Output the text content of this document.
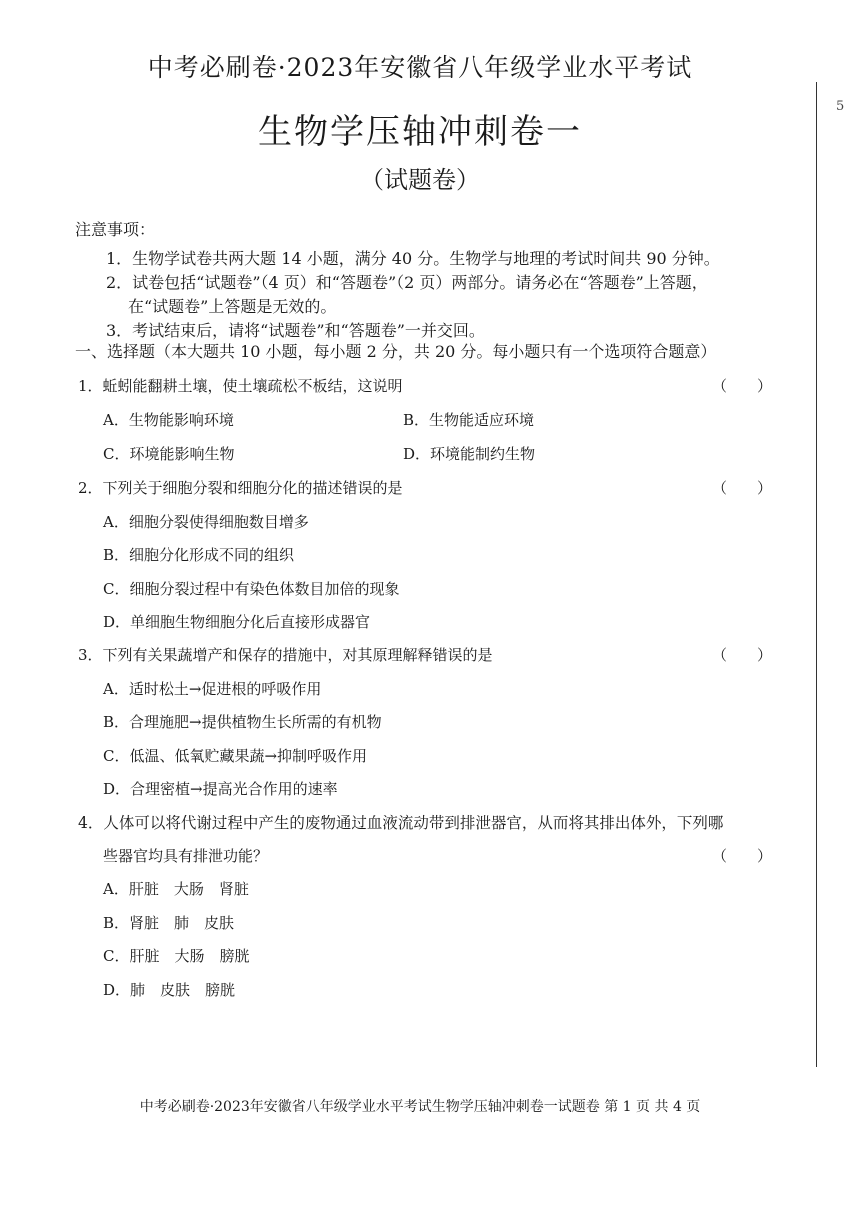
中考必刷卷·2023年安徽省八年级学业水平考试
生物学压轴冲刺卷一
（试题卷）
5
注意事项：
1．生物学试卷共两大题 14 小题，满分 40 分。生物学与地理的考试时间共 90 分钟。
2．试卷包括“试题卷”（4 页）和“答题卷”（2 页）两部分。请务必在“答题卷”上答题，
在“试题卷”上答题是无效的。
3．考试结束后，请将“试题卷”和“答题卷”一并交回。
一、选择题（本大题共 10 小题，每小题 2 分，共 20 分。每小题只有一个选项符合题意）
1．蚯蚓能翻耕土壤，使土壤疏松不板结，这说明	（　　）
A．生物能影响环境	B．生物能适应环境
C．环境能影响生物	D．环境能制约生物
2．下列关于细胞分裂和细胞分化的描述错误的是	（　　）
A．细胞分裂使得细胞数目增多
B．细胞分化形成不同的组织
C．细胞分裂过程中有染色体数目加倍的现象
D．单细胞生物细胞分化后直接形成器官
3．下列有关果蔬增产和保存的措施中，对其原理解释错误的是	（　　）
A．适时松土→促进根的呼吸作用
B．合理施肥→提供植物生长所需的有机物
C．低温、低氧贮藏果蔬→抑制呼吸作用
D．合理密植→提高光合作用的速率
4．人体可以将代谢过程中产生的废物通过血液流动带到排泄器官，从而将其排出体外，下列哪
些器官均具有排泄功能？	（　　）
A．肝脏　大肠　肾脏
B．肾脏　肺　皮肤
C．肝脏　大肠　膀胱
D．肺　皮肤　膀胱
中考必刷卷·2023年安徽省八年级学业水平考试生物学压轴冲刺卷一试题卷 第 1 页 共 4 页
